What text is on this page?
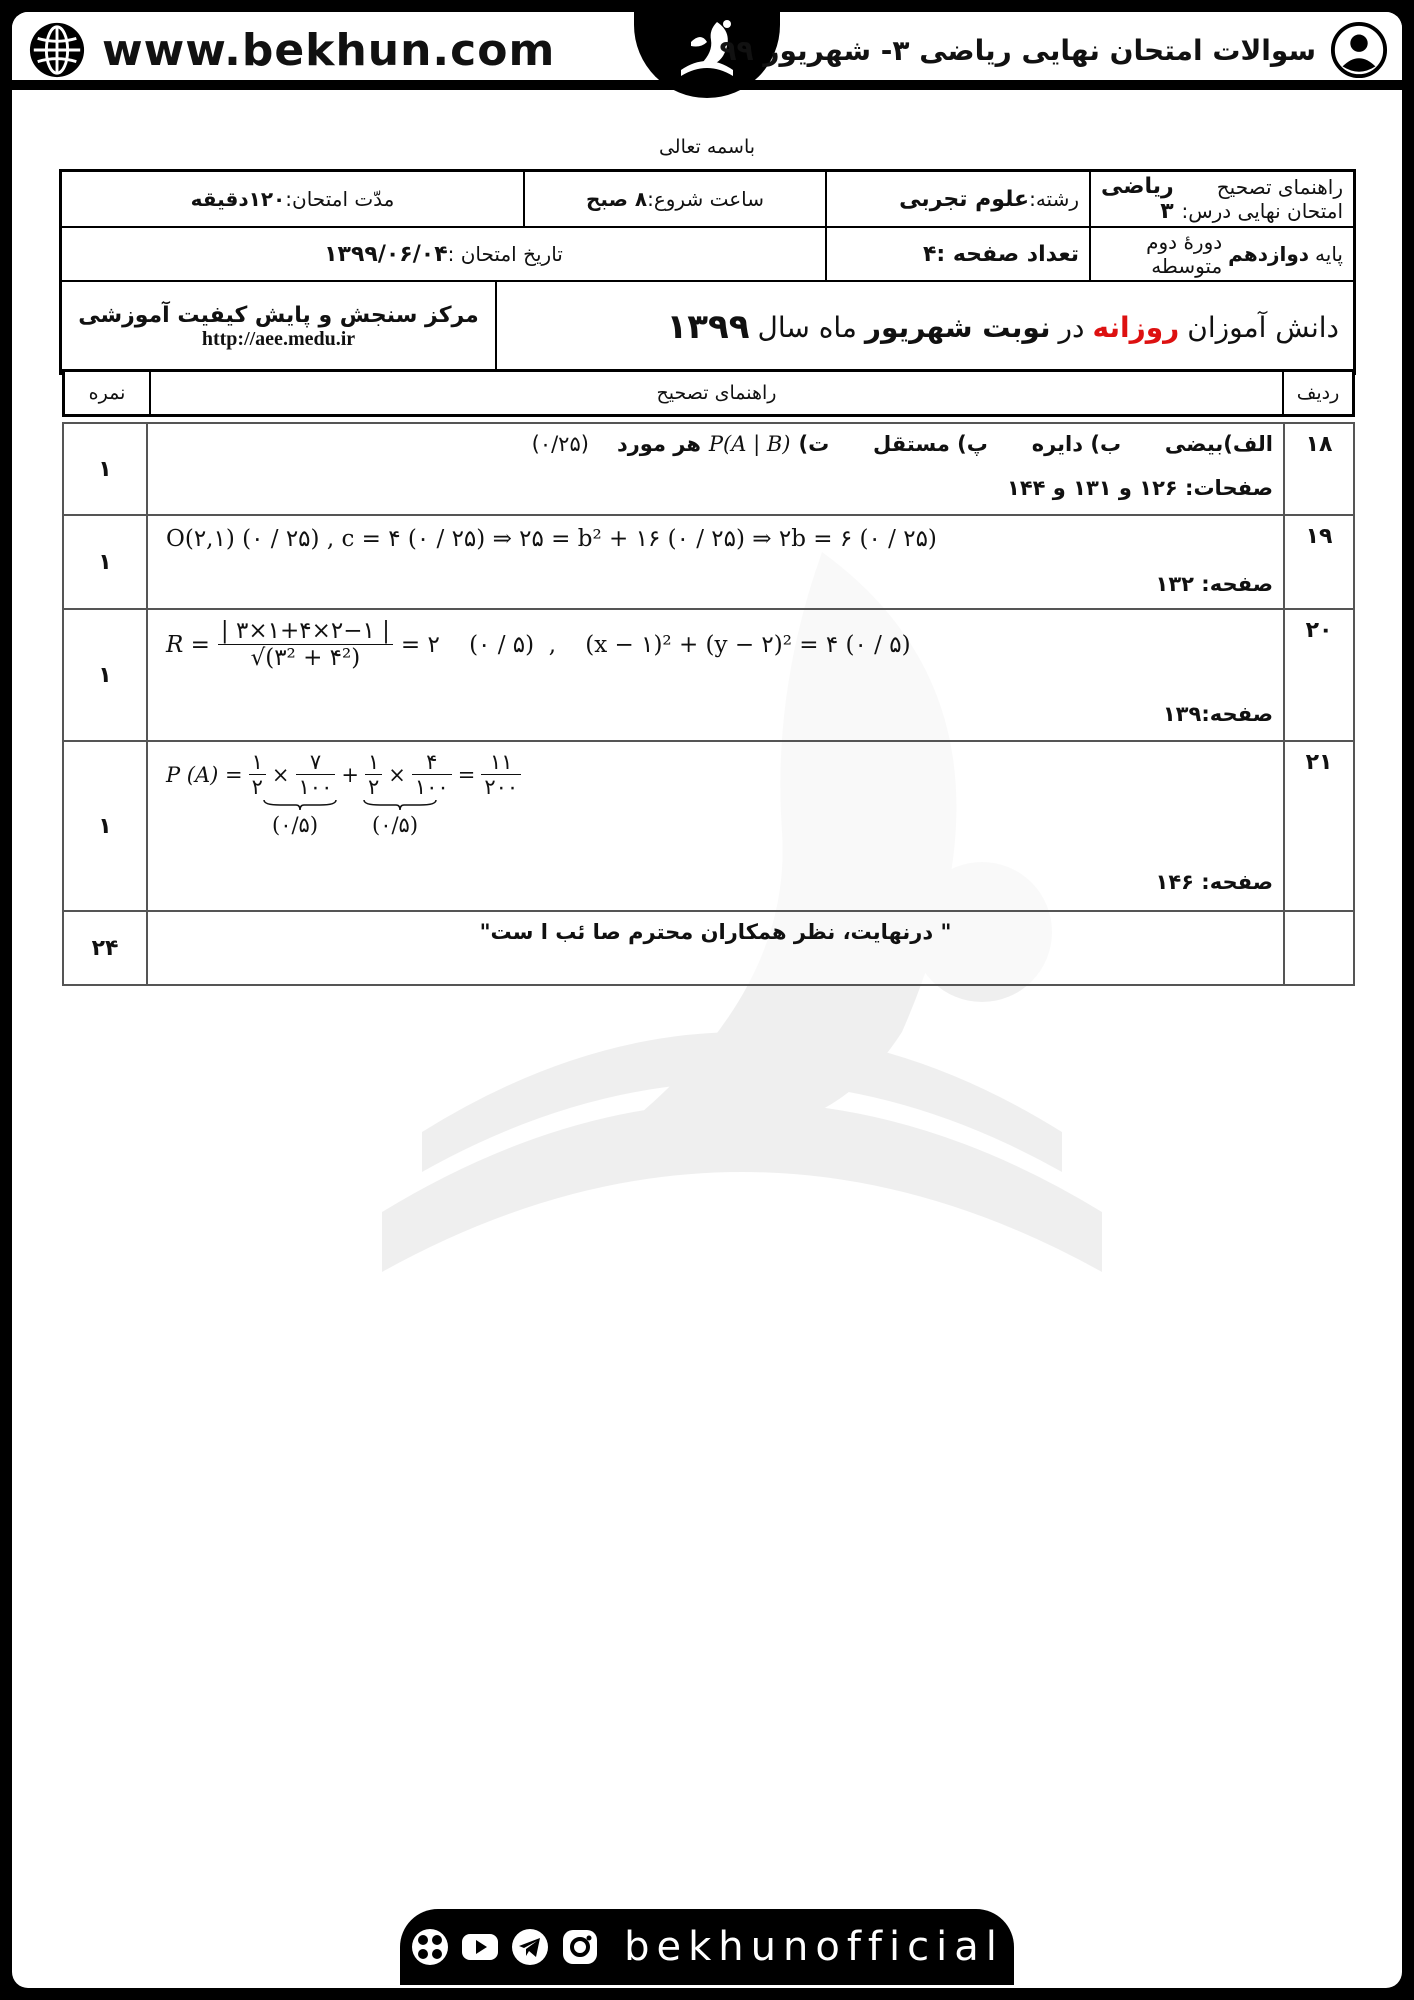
www.bekhun.com	سوالات امتحان نهایی ریاضی ۳- شهریور ۹۹
باسمه تعالی
راهنمای تصحیح امتحان نهایی درس:
ریاضی ۳
رشته:
علوم تجربی
ساعت شروع:
۸ صبح
مدّت امتحان:
۱۲۰دقیقه
پایه
دوازدهم
دورهٔ دوم متوسطه
تعداد صفحه :۴
تاریخ امتحان :
۱۳۹۹/۰۶/۰۴
دانش آموزان
روزانه
در
نوبت شهریور
ماه سال
۱۳۹۹
مرکز سنجش و پایش کیفیت آموزشی
http://aee.medu.ir
ردیف
راهنمای تصحیح
نمره
۱۸
الف)بیضی      ب) دایره      پ) مستقل      ت)
P(A | B)
هر مورد
(۰/۲۵)
صفحات: ۱۲۶ و ۱۳۱ و ۱۴۴
۱
۱۹
O(۲,۱) (۰ / ۲۵) , c = ۴ (۰ / ۲۵) ⇒ ۲۵ = b² + ۱۶ (۰ / ۲۵) ⇒ ۲b = ۶ (۰ / ۲۵)
صفحه: ۱۳۲
۱
۲۰
$R = \frac{| ۳\times ۱+۴\times ۲-۱ |}{\text{√(۳² + ۴²)}}$ = ۲    (۰ / ۵)  ,    (x − ۱)² + (y − ۲)² = ۴ (۰ / ۵)
صفحه:۱۳۹
۱
۲۱
P $(A) = \frac{۱}{۲} \times \frac{۷}{۱۰۰} + \frac{۱}{۲} \times \frac{۴}{۱۰۰} = \frac{۱۱}{۲۰۰}$
(۰/۵)	(۰/۵)
صفحه: ۱۴۶
۱
" درنهایت، نظر همکاران محترم صا ئب ا ست"
۲۴
bekhunofficial
